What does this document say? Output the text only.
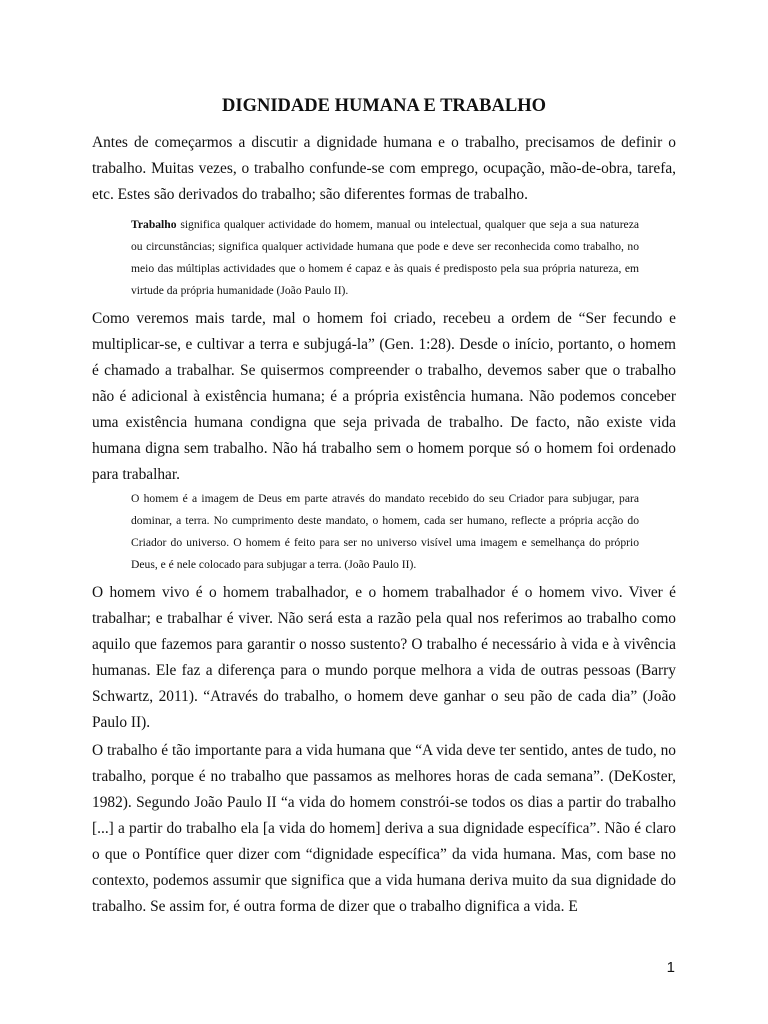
DIGNIDADE HUMANA E TRABALHO

Antes de começarmos a discutir a dignidade humana e o trabalho, precisamos de definir o trabalho. Muitas vezes, o trabalho confunde-se com emprego, ocupação, mão-de-obra, tarefa, etc. Estes são derivados do trabalho; são diferentes formas de trabalho.

Trabalho significa qualquer actividade do homem, manual ou intelectual, qualquer que seja a sua natureza ou circunstâncias; significa qualquer actividade humana que pode e deve ser reconhecida como trabalho, no meio das múltiplas actividades que o homem é capaz e às quais é predisposto pela sua própria natureza, em virtude da própria humanidade (João Paulo II).

Como veremos mais tarde, mal o homem foi criado, recebeu a ordem de “Ser fecundo e multiplicar-se, e cultivar a terra e subjugá-la” (Gen. 1:28). Desde o início, portanto, o homem é chamado a trabalhar. Se quisermos compreender o trabalho, devemos saber que o trabalho não é adicional à existência humana; é a própria existência humana. Não podemos conceber uma existência humana condigna que seja privada de trabalho. De facto, não existe vida humana digna sem trabalho. Não há trabalho sem o homem porque só o homem foi ordenado para trabalhar.

O homem é a imagem de Deus em parte através do mandato recebido do seu Criador para subjugar, para dominar, a terra. No cumprimento deste mandato, o homem, cada ser humano, reflecte a própria acção do Criador do universo. O homem é feito para ser no universo visível uma imagem e semelhança do próprio Deus, e é nele colocado para subjugar a terra. (João Paulo II).

O homem vivo é o homem trabalhador, e o homem trabalhador é o homem vivo. Viver é trabalhar; e trabalhar é viver. Não será esta a razão pela qual nos referimos ao trabalho como aquilo que fazemos para garantir o nosso sustento? O trabalho é necessário à vida e à vivência humanas. Ele faz a diferença para o mundo porque melhora a vida de outras pessoas (Barry Schwartz, 2011). “Através do trabalho, o homem deve ganhar o seu pão de cada dia” (João Paulo II).

O trabalho é tão importante para a vida humana que “A vida deve ter sentido, antes de tudo, no trabalho, porque é no trabalho que passamos as melhores horas de cada semana”. (DeKoster, 1982). Segundo João Paulo II “a vida do homem constrói-se todos os dias a partir do trabalho [...] a partir do trabalho ela [a vida do homem] deriva a sua dignidade específica”. Não é claro o que o Pontífice quer dizer com “dignidade específica” da vida humana. Mas, com base no contexto, podemos assumir que significa que a vida humana deriva muito da sua dignidade do trabalho. Se assim for, é outra forma de dizer que o trabalho dignifica a vida. E

1
